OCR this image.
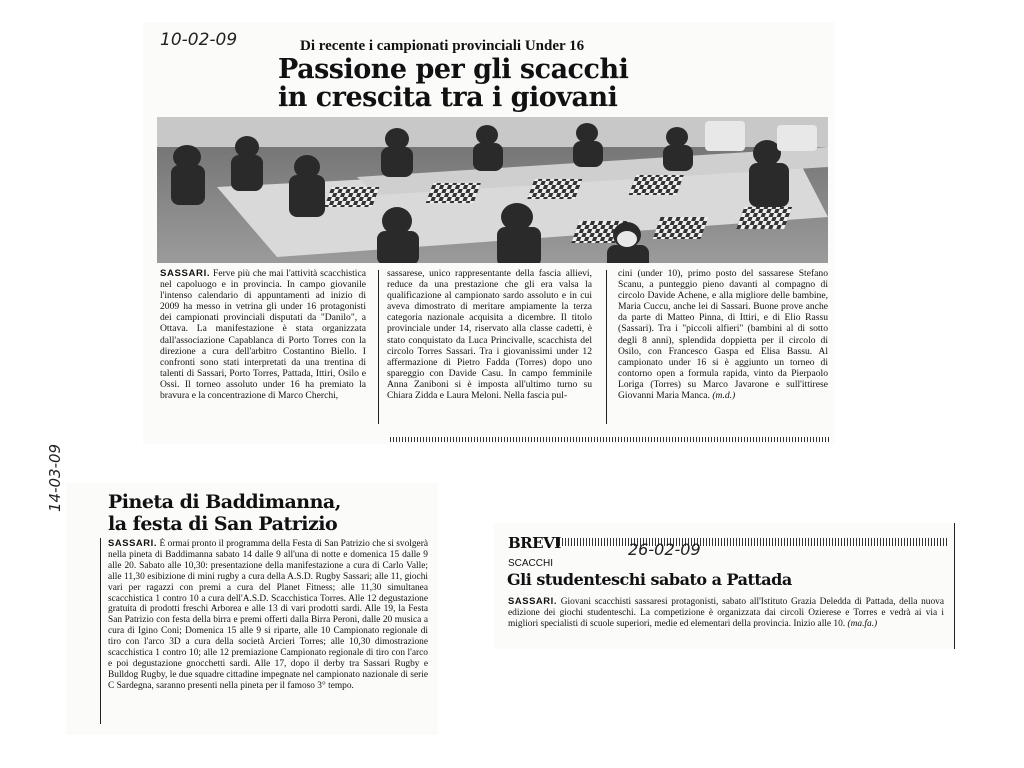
10-02-09	Di recente i campionati provinciali Under 16
Passione per gli scacchi
in crescita tra i giovani
SASSARI. Ferve più che mai l'attività scacchistica nel capoluogo e in provincia. In campo giovanile l'intenso calendario di appuntamenti ad inizio di 2009 ha messo in vetrina gli under 16 protagonisti dei campionati provinciali disputati da "Danilo", a Ottava. La manifestazione è stata organizzata dall'associazione Capablanca di Porto Torres con la direzione a cura dell'arbitro Costantino Biello. I confronti sono stati interpretati da una trentina di talenti di Sassari, Porto Torres, Pattada, Ittiri, Osilo e Ossi. Il torneo assoluto under 16 ha premiato la bravura e la concentrazione di Marco Cherchi,
sassarese, unico rappresentante della fascia allievi, reduce da una prestazione che gli era valsa la qualificazione al campionato sardo assoluto e in cui aveva dimostrato di meritare ampiamente la terza categoria nazionale acquisita a dicembre. Il titolo provinciale under 14, riservato alla classe cadetti, è stato conquistato da Luca Princivalle, scacchista del circolo Torres Sassari. Tra i giovanissimi under 12 affermazione di Pietro Fadda (Torres) dopo uno spareggio con Davide Casu. In campo femminile Anna Zaniboni si è imposta all'ultimo turno su Chiara Zidda e Laura Meloni. Nella fascia pul-
cini (under 10), primo posto del sassarese Stefano Scanu, a punteggio pieno davanti al compagno di circolo Davide Achene, e alla migliore delle bambine, Maria Cuccu, anche lei di Sassari. Buone prove anche da parte di Matteo Pinna, di Ittiri, e di Elio Rassu (Sassari). Tra i "piccoli alfieri" (bambini al di sotto degli 8 anni), splendida doppietta per il circolo di Osilo, con Francesco Gaspa ed Elisa Bassu. Al campionato under 16 si è aggiunto un torneo di contorno open a formula rapida, vinto da Pierpaolo Loriga (Torres) su Marco Javarone e sull'ittirese Giovanni Maria Manca. (m.d.)
14-03-09 Pineta di Baddimanna,
la festa di San Patrizio
SASSARI. È ormai pronto il programma della Festa di San Patrizio che si svolgerà nella pineta di Baddimanna sabato 14 dalle 9 all'una di notte e domenica 15 dalle 9 alle 20. Sabato alle 10,30: presentazione della manifestazione a cura di Carlo Valle; alle 11,30 esibizione di mini rugby a cura della A.S.D. Rugby Sassari; alle 11, giochi vari per ragazzi con premi a cura del Planet Fitness; alle 11,30 simultanea scacchistica 1 contro 10 a cura dell'A.S.D. Scacchistica Torres. Alle 12 degustazione gratuita di prodotti freschi Arborea e alle 13 di vari prodotti sardi. Alle 19, la Festa San Patrizio con festa della birra e premi offerti dalla Birra Peroni, dalle 20 musica a cura di Igino Coni; Domenica 15 alle 9 si riparte, alle 10 Campionato regionale di tiro con l'arco 3D a cura della società Arcieri Torres; alle 10,30 dimostrazione scacchistica 1 contro 10; alle 12 premiazione Campionato regionale di tiro con l'arco e poi degustazione gnocchetti sardi. Alle 17, dopo il derby tra Sassari Rugby e Bulldog Rugby, le due squadre cittadine impegnate nel campionato nazionale di serie C Sardegna, saranno presenti nella pineta per il famoso 3° tempo.
BREVI	26-02-09
SCACCHI
Gli studenteschi sabato a Pattada
SASSARI. Giovani scacchisti sassaresi protagonisti, sabato all'Istituto Grazia Deledda di Pattada, della nuova edizione dei giochi studenteschi. La competizione è organizzata dai circoli Ozierese e Torres e vedrà ai via i migliori specialisti di scuole superiori, medie ed elementari della provincia. Inizio alle 10. (ma.fa.)
